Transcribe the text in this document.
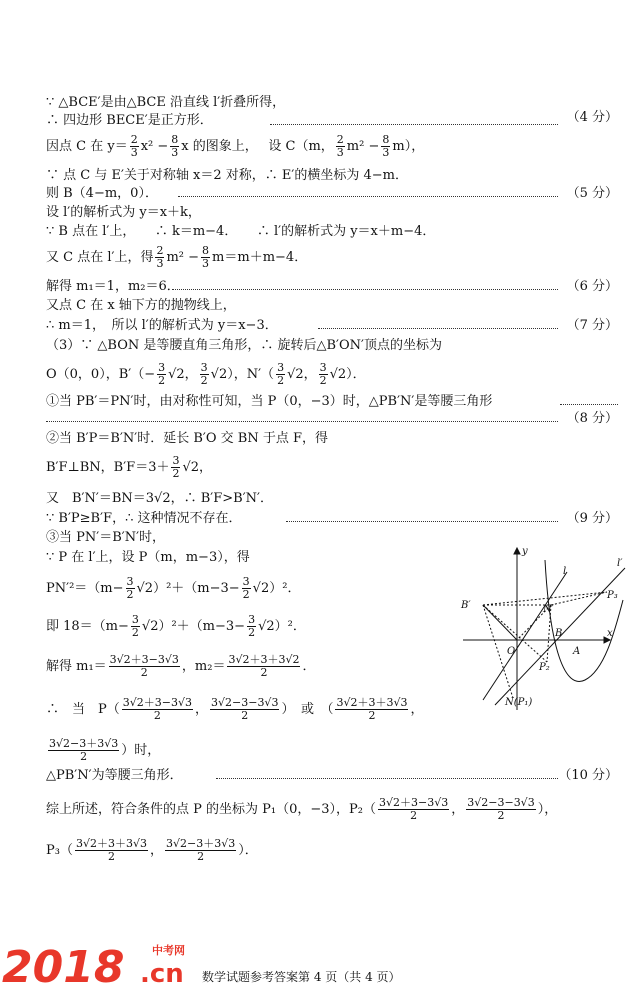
∵ △BCE′是由△BCE 沿直线 l′折叠所得，
∴ 四边形 BECE′是正方形．	（4 分）
因点 C 在 $y= \frac{2}{3} x^2 - \frac{8}{3}$ x 的图象上，　 设 C（m， $\frac{2}{3} m^2 - \frac{8}{3} m$），
∵ 点 C 与 E′关于对称轴 x＝2 对称，∴ E′的横坐标为 4−m．
则 B（4−m，0）．	（5 分）
设 l′的解析式为 y＝x＋k，
∵ B 点在 l′上，　　∴ k＝m−4．　　∴ l′的解析式为 y＝x＋m−4．
又 C 点在 l′上，得 $\frac{2}{3} m^2 - \frac{8}{3} m=m+m-4$．
解得 m₁＝1，m₂＝6．	（6 分）
又点 C 在 x 轴下方的抛物线上，
∴ m＝1，　所以 l′的解析式为 y＝x−3．	（7 分）
（3）∵ △BON 是等腰直角三角形，∴ 旋转后△B′ON′顶点的坐标为
O（0，0），$B'(- \frac{3}{2} √2$， $\frac{3}{2} √2$），$N'( \frac{3}{2} √2$， $\frac{3}{2} √2$）．
①当 PB′＝PN′时，由对称性可知，当 P（0，−3）时，△PB′N′是等腰三角形
（8 分）
②当 B′P＝B′N′时．延长 B′O 交 BN 于点 F，得
B′F⊥BN，$B'F=3+ \frac{3}{2} √2$，
又　B′N′＝BN＝3√2，∴ B′F>B′N′．
∵ B′P≥B′F，∴ 这种情况不存在．	（9 分）
③当 PN′＝B′N′时，
∵ P 在 l′上，设 P（m，m−3），得
$PN'^2=(m- \frac{3}{2} √2)^2+(m-3- \frac{3}{2} √2)^2$．
即 $18=(m- \frac{3}{2} √2)^2+(m-3- \frac{3}{2} √2)^2$．
解得 $m_1= \frac{3√2+3-3√3}{2}$ ，$m_2= \frac{3√2+3+3√2}{2}$ ．
∴　当　$P( \frac{3√2+3-3√3}{2}$ ， $\frac{3√2-3-3√3}{2}$ ）　或　（ $\frac{3√2+3+3√3}{2}$ ，
$\frac{3√2-3+3√3}{2}$ ）时，
△PB′N′为等腰三角形．	（10 分）
综上所述，符合条件的点 P 的坐标为 P₁（0，−3），$P_2( \frac{3√2+3-3√3}{2}$ ， $\frac{3√2-3-3√3}{2}$ ），
$P_3( \frac{3√2+3+3√3}{2}$ ， $\frac{3√2-3+3√3}{2}$ ）．
y
x
l
l′
B′	N′
P₃
B
O
P₂
A
N(P₁)
2018 .cn
中考网
数学试题参考答案第 4 页（共 4 页）
